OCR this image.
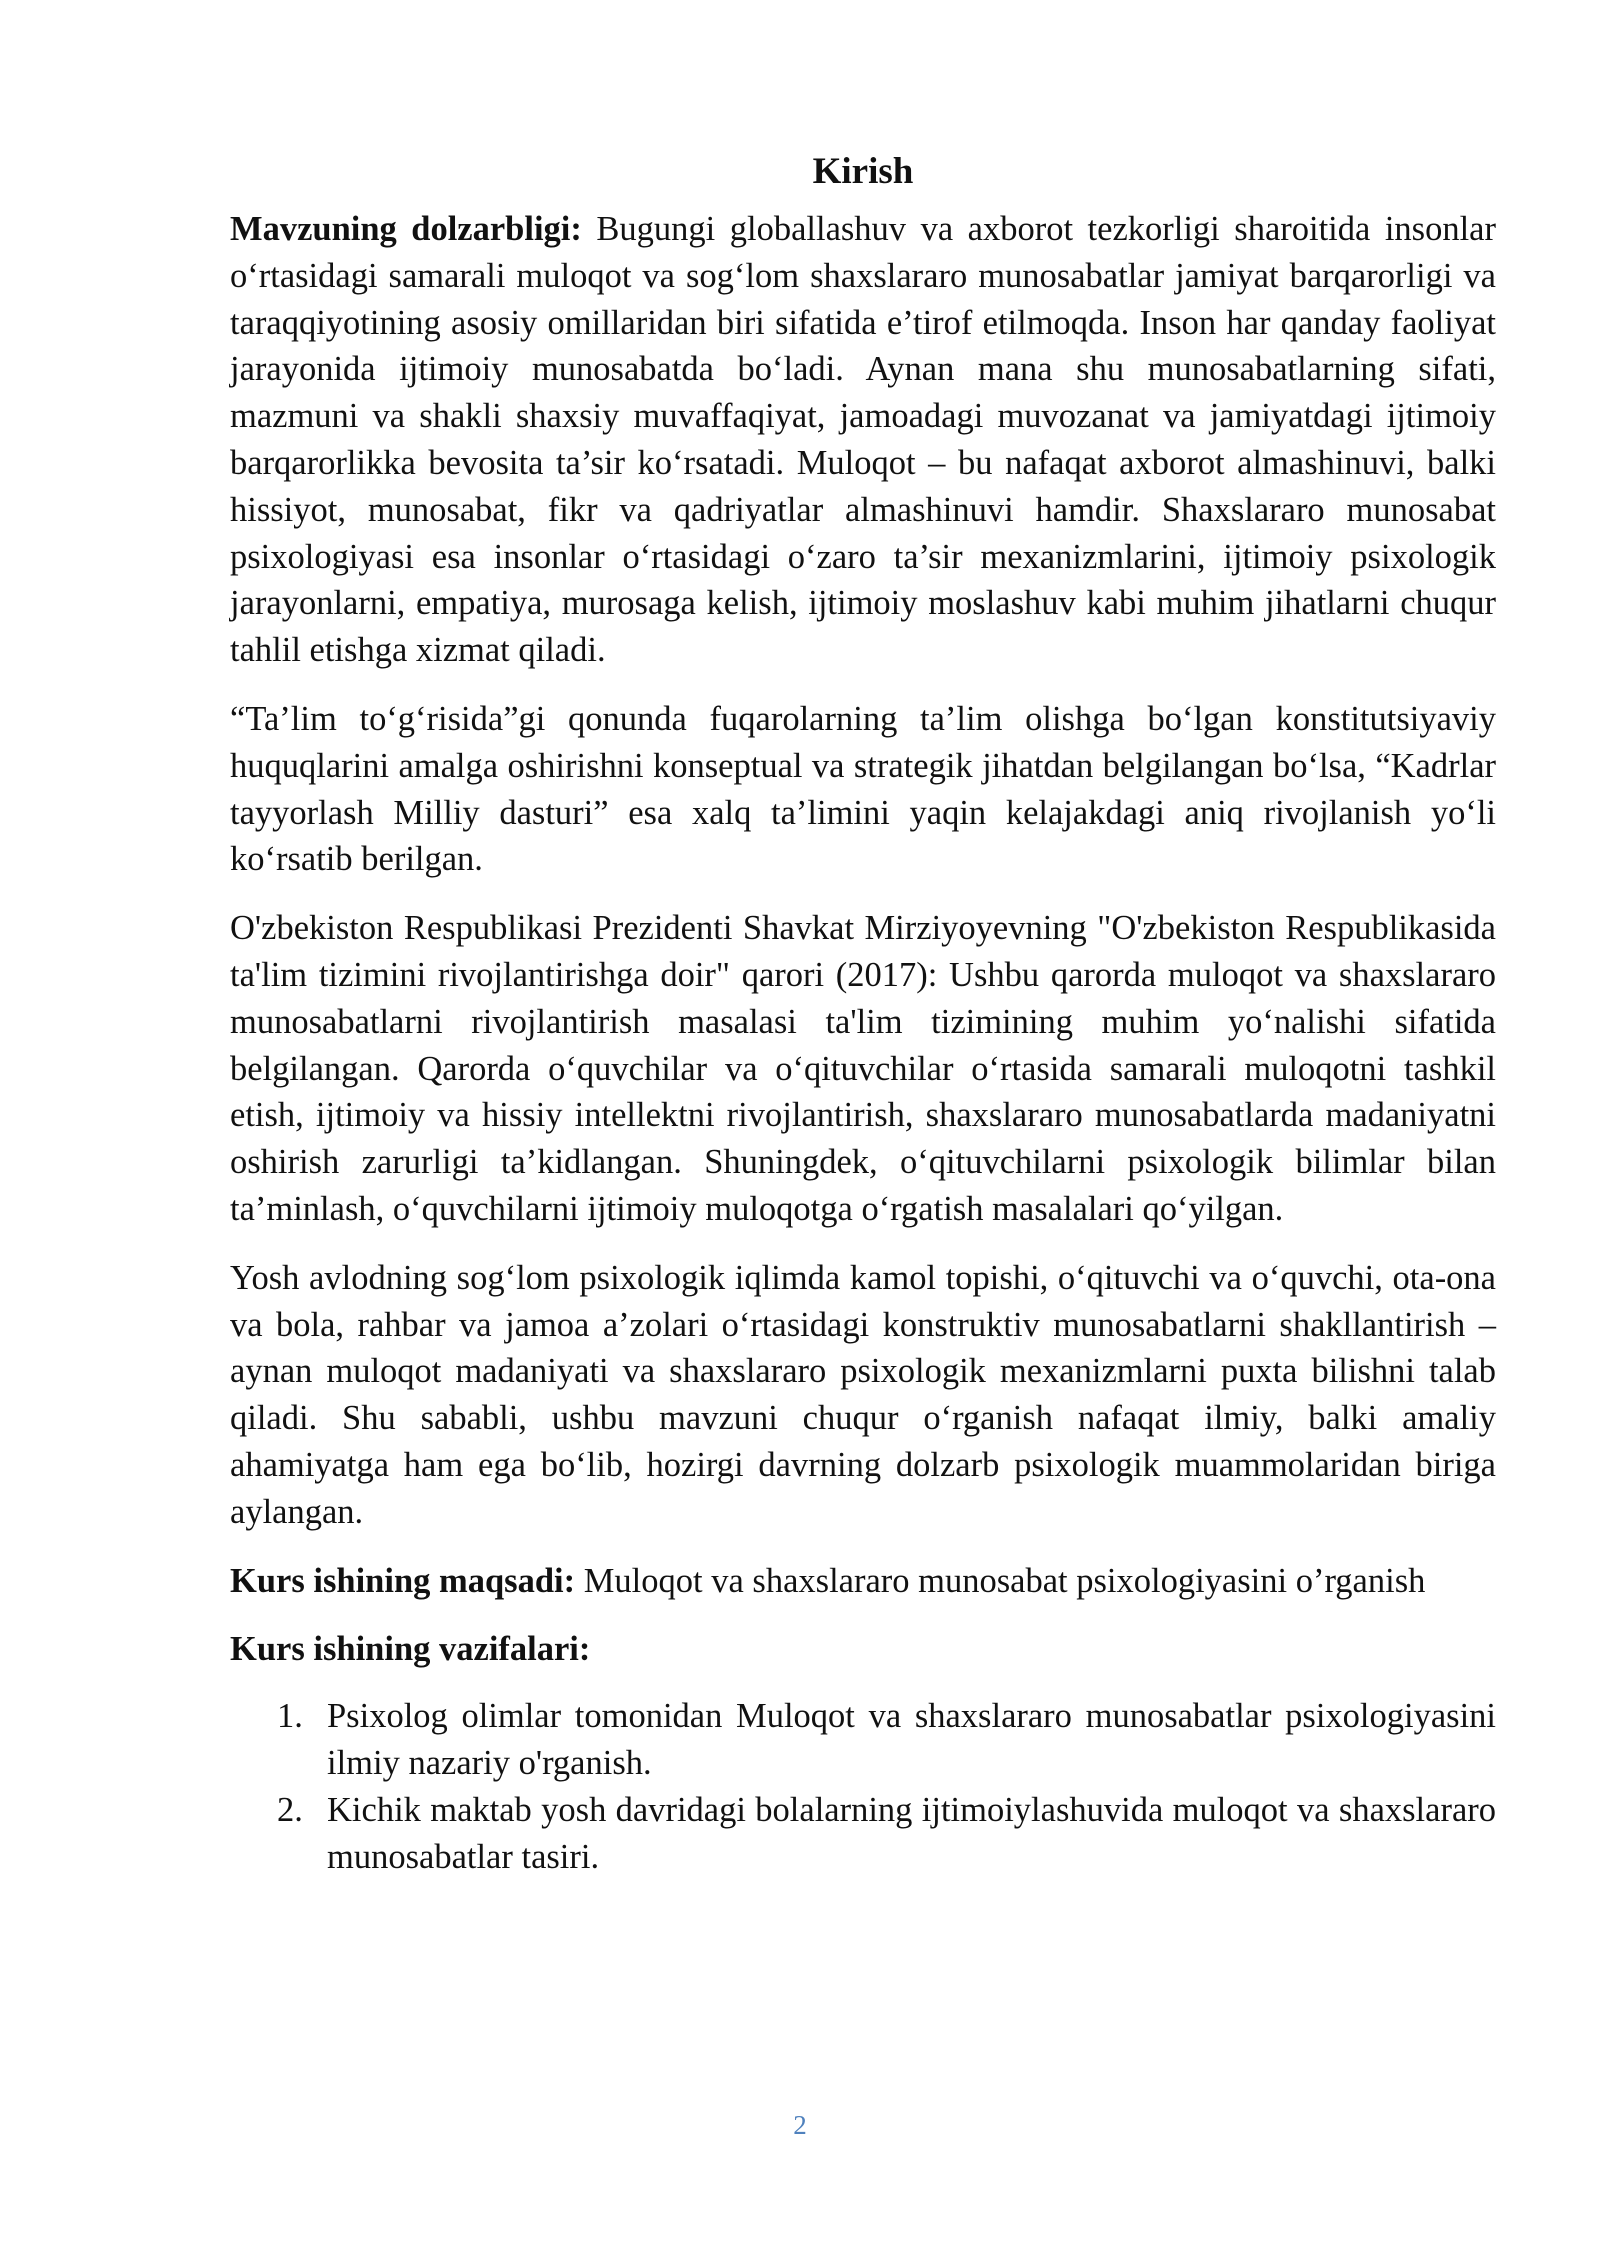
Kirish

Mavzuning dolzarbligi: Bugungi globallashuv va axborot tezkorligi sharoitida insonlar o‘rtasidagi samarali muloqot va sog‘lom shaxslararo munosabatlar jamiyat barqarorligi va taraqqiyotining asosiy omillaridan biri sifatida e’tirof etilmoqda. Inson har qanday faoliyat jarayonida ijtimoiy munosabatda bo‘ladi. Aynan mana shu munosabatlarning sifati, mazmuni va shakli shaxsiy muvaffaqiyat, jamoadagi muvozanat va jamiyatdagi ijtimoiy barqarorlikka bevosita ta’sir ko‘rsatadi. Muloqot – bu nafaqat axborot almashinuvi, balki hissiyot, munosabat, fikr va qadriyatlar almashinuvi hamdir. Shaxslararo munosabat psixologiyasi esa insonlar o‘rtasidagi o‘zaro ta’sir mexanizmlarini, ijtimoiy psixologik jarayonlarni, empatiya, murosaga kelish, ijtimoiy moslashuv kabi muhim jihatlarni chuqur tahlil etishga xizmat qiladi.

“Ta’lim to‘g‘risida”gi qonunda fuqarolarning ta’lim olishga bo‘lgan konstitutsiyaviy huquqlarini amalga oshirishni konseptual va strategik jihatdan belgilangan bo‘lsa, “Kadrlar tayyorlash Milliy dasturi” esa xalq ta’limini yaqin kelajakdagi aniq rivojlanish yo‘li ko‘rsatib berilgan.

O'zbekiston Respublikasi Prezidenti Shavkat Mirziyoyevning "O'zbekiston Respublikasida ta'lim tizimini rivojlantirishga doir" qarori (2017): Ushbu qarorda muloqot va shaxslararo munosabatlarni rivojlantirish masalasi ta'lim tizimining muhim yo‘nalishi sifatida belgilangan. Qarorda o‘quvchilar va o‘qituvchilar o‘rtasida samarali muloqotni tashkil etish, ijtimoiy va hissiy intellektni rivojlantirish, shaxslararo munosabatlarda madaniyatni oshirish zarurligi ta’kidlangan. Shuningdek, o‘qituvchilarni psixologik bilimlar bilan ta’minlash, o‘quvchilarni ijtimoiy muloqotga o‘rgatish masalalari qo‘yilgan.

Yosh avlodning sog‘lom psixologik iqlimda kamol topishi, o‘qituvchi va o‘quvchi, ota-ona va bola, rahbar va jamoa a’zolari o‘rtasidagi konstruktiv munosabatlarni shakllantirish – aynan muloqot madaniyati va shaxslararo psixologik mexanizmlarni puxta bilishni talab qiladi. Shu sababli, ushbu mavzuni chuqur o‘rganish nafaqat ilmiy, balki amaliy ahamiyatga ham ega bo‘lib, hozirgi davrning dolzarb psixologik muammolaridan biriga aylangan.

Kurs ishining maqsadi: Muloqot va shaxslararo munosabat psixologiyasini o’rganish

Kurs ishining vazifalari:
1. Psixolog olimlar tomonidan Muloqot va shaxslararo munosabatlar psixologiyasini ilmiy nazariy o'rganish.
2. Kichik maktab yosh davridagi bolalarning ijtimoiylashuvida muloqot va shaxslararo munosabatlar tasiri.
2
